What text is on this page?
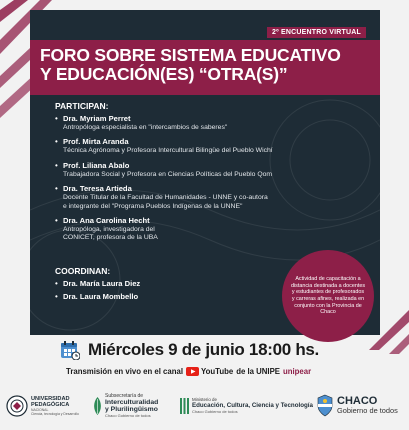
2º ENCUENTRO VIRTUAL
FORO SOBRE SISTEMA EDUCATIVO
Y EDUCACIÓN(ES) “OTRA(S)”
PARTICIPAN:
• Dra. Myriam Perret
Antropóloga especialista en "intercambios de saberes"
• Prof. Mirta Aranda
Técnica Agrónoma y Profesora Intercultural Bilingüe del Pueblo Wichí
• Prof. Liliana Abalo
Trabajadora Social y Profesora en Ciencias Políticas del Pueblo Qom
• Dra. Teresa Artieda
Docente Titular de la Facultad de Humanidades - UNNE y co-autora
e integrante del "Programa Pueblos Indígenas de la UNNE"
• Dra. Ana Carolina Hecht
Antropóloga, investigadora del
CONICET, profesora de la UBA
COORDINAN:
• Dra. María Laura Diez
• Dra. Laura Mombello
Actividad de capacitación a distancia destinada a docentes y estudiantes de profesorados y carreras afines, realizada en conjunto con la Provincia de Chaco
Miércoles 9 de junio 18:00 hs.
Transmisión en vivo en el canal YouTube de la UNIPE unipear
UNIVERSIDAD
PEDAGÓGICA
NACIONAL
Ciencia, tecnología y Desarrollo
Subsecretaría de
Interculturalidad
y Plurilingüismo
Chaco Gobierno de todos
Ministerio de
Educación, Cultura, Ciencia y Tecnología
Chaco Gobierno de todos
CHACO
Gobierno de todos
